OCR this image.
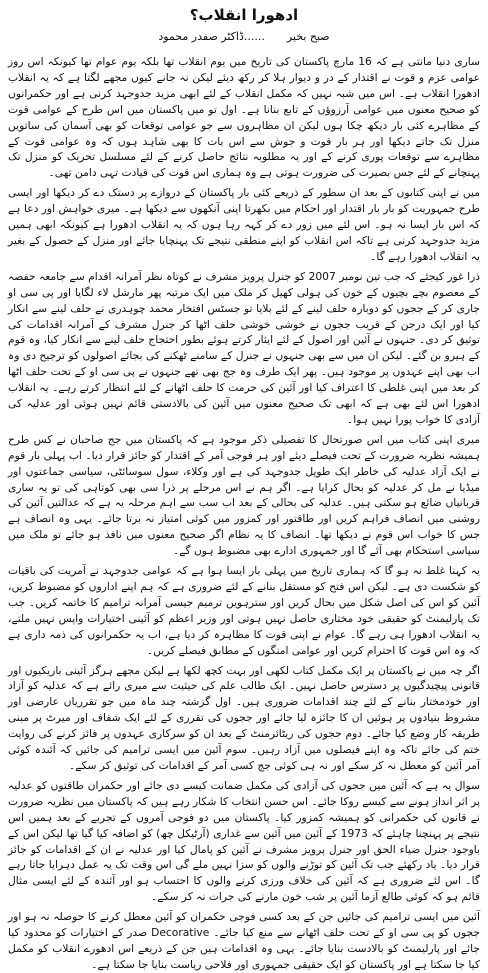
ادھورا انقلاب؟
صبح بخیر
......ڈاکٹر صفدر محمود

ساری دنیا مانتی ہے کہ 16 مارچ پاکستان کی تاریخ میں یوم انقلاب تھا بلکہ یوم عوام تھا کیونکہ اس روز عوامی عزم و قوت نے اقتدار کے در و دیوار ہلا کر رکھ دیئے لیکن نہ جانے کیوں مجھے لگتا ہے کہ یہ انقلاب ادھورا انقلاب ہے۔ اس میں شبہ نہیں کہ مکمل انقلاب کے لئے ابھی مزید جدوجہد کرنی ہے اور حکمرانوں کو صحیح معنوں میں عوامی آرزوؤں کے تابع بنانا ہے۔ اول تو میں پاکستان میں اس طرح کے عوامی قوت کے مظاہرے کئی بار دیکھ چکا ہوں لیکن ان مظاہروں سے جو عوامی توقعات کو بھی آسمان کی ساتویں منزل تک جاتے دیکھا اور ہر بار قوت و جوش سے اس بات کا بھی شاہد ہوں کہ وہ عوامی قوت کے مظاہرے سے توقعات پوری کرنے کے اور یہ مطلوبہ نتائج حاصل کرنے کے لئے مسلسل تحریک کو منزل تک پہنچانے کے لئے جس بصیرت کی ضرورت ہوتی ہے وہ ہماری اس قوت کی قیادت تہی دامن تھی۔

میں نے اپنی کتابوں کے بعد ان سطور کے ذریعے کئی بار پاکستان کے دروازے پر دستک دے کر دیکھا اور ایسی طرح جمہوریت کو بار بار اقتدار اور احکام میں بکھرتا اپنی آنکھوں سے دیکھا ہے۔ میری خواہش اور دعا ہے کہ اس بار ایسا نہ ہو۔ اس لئے میں زور دے کر کہہ رہا ہوں کہ یہ انقلاب ادھورا ہے کیونکہ ابھی ہمیں مزید جدوجہد کرنی ہے تاکہ اس انقلاب کو اپنے منطقی نتیجے تک پہنچایا جائے اور منزل کے حصول کے بغیر یہ انقلاب ادھورا رہے گا۔

ذرا غور کیجئے کہ جب تین نومبر 2007 کو جنرل پرویز مشرف نے کوتاہ نظر آمرانہ اقدام سے جامعہ حفصہ کے معصوم بچے بچیوں کے خون کی ہولی کھیل کر ملک میں ایک مرتبہ پھر مارشل لاء لگایا اور پی سی او جاری کر کے ججوں کو دوبارہ حلف لینے کے لئے بلایا تو جسٹس افتخار محمد چوہدری نے حلف لینے سے انکار کیا اور ایک درجن کے قریب ججوں نے خوشی خوشی حلف اٹھا کر جنرل مشرف کے آمرانہ اقدامات کی توثیق کر دی۔ جنہوں نے آئین اور اصول کے لئے ایثار کرتے ہوئے بطور احتجاج حلف لینے سے انکار کیا، وہ قوم کے ہیرو بن گئے۔ لیکن ان میں سے بھی جنہوں نے جنرل کے سامنے ٹھکنے کی بجائے اصولوں کو ترجیح دی وہ اب بھی اپنے عہدوں پر موجود ہیں۔ پھر ایک طرف وہ جج بھی تھے جنہوں نے پی سی او کے تحت حلف اٹھا کر بعد میں اپنی غلطی کا اعتراف کیا اور آئین کی حرمت کا حلف اٹھانے کے لئے انتظار کرتے رہے۔ یہ انقلاب ادھورا اس لئے بھی ہے کہ ابھی تک صحیح معنوں میں آئین کی بالادستی قائم نہیں ہوئی اور عدلیہ کی آزادی کا خواب پورا نہیں ہوا۔

میری اپنی کتاب میں اس صورتحال کا تفصیلی ذکر موجود ہے کہ پاکستان میں جج صاحبان نے کس طرح ہمیشہ نظریہ ضرورت کے تحت فیصلے دیئے اور ہر فوجی آمر کے اقتدار کو جائز قرار دیا۔ اب پہلی بار قوم نے ایک آزاد عدلیہ کی خاطر ایک طویل جدوجہد کی ہے اور وکلاء، سول سوسائٹی، سیاسی جماعتوں اور میڈیا نے مل کر عدلیہ کو بحال کرایا ہے۔ اگر ہم نے اس مرحلے پر ذرا سی بھی کوتاہی کی تو یہ ساری قربانیاں ضائع ہو سکتی ہیں۔ عدلیہ کی بحالی کے بعد اب سب سے اہم مرحلہ یہ ہے کہ عدالتیں آئین کی روشنی میں انصاف فراہم کریں اور طاقتور اور کمزور میں کوئی امتیاز نہ برتا جائے۔ یہی وہ انصاف ہے جس کا خواب اس قوم نے دیکھا تھا۔ انصاف کا یہ نظام اگر صحیح معنوں میں نافذ ہو جائے تو ملک میں سیاسی استحکام بھی آئے گا اور جمہوری ادارے بھی مضبوط ہوں گے۔

یہ کہنا غلط نہ ہو گا کہ ہماری تاریخ میں پہلی بار ایسا ہوا ہے کہ عوامی جدوجہد نے آمریت کی باقیات کو شکست دی ہے۔ لیکن اس فتح کو مستقل بنانے کے لئے ضروری ہے کہ ہم اپنے اداروں کو مضبوط کریں، آئین کو اس کی اصل شکل میں بحال کریں اور سترہویں ترمیم جیسی آمرانہ ترامیم کا خاتمہ کریں۔ جب تک پارلیمنٹ کو حقیقی خود مختاری حاصل نہیں ہوتی اور وزیر اعظم کو آئینی اختیارات واپس نہیں ملتے، یہ انقلاب ادھورا ہی رہے گا۔ عوام نے اپنی قوت کا مظاہرہ کر دیا ہے، اب یہ حکمرانوں کی ذمہ داری ہے کہ وہ اس قوت کا احترام کریں اور عوامی امنگوں کے مطابق فیصلے کریں۔

اگر چہ میں نے پاکستان پر ایک مکمل کتاب لکھی اور بہت کچھ لکھا ہے لیکن مجھے ہرگز آئینی باریکیوں اور قانونی پیچیدگیوں پر دسترس حاصل نہیں۔ ایک طالب علم کی حیثیت سے میری رائے ہے کہ عدلیہ کو آزاد اور خودمختار بنانے کے لئے چند اقدامات ضروری ہیں۔ اول گزشتہ چند ماہ میں جو تقرریاں عارضی اور مشروط بنیادوں پر ہوئیں ان کا جائزہ لیا جائے اور ججوں کی تقرری کے لئے ایک شفاف اور میرٹ پر مبنی طریقہ کار وضع کیا جائے۔ دوم ججوں کی ریٹائرمنٹ کے بعد ان کو سرکاری عہدوں پر فائز کرنے کی روایت ختم کی جائے تاکہ وہ اپنے فیصلوں میں آزاد رہیں۔ سوم آئین میں ایسی ترامیم کی جائیں کہ آئندہ کوئی آمر آئین کو معطل نہ کر سکے اور نہ ہی کوئی جج کسی آمر کے اقدامات کی توثیق کر سکے۔

سوال یہ ہے کہ آئین میں ججوں کی آزادی کی مکمل ضمانت کیسے دی جائے اور حکمران طاقتوں کو عدلیہ پر اثر انداز ہونے سے کیسے روکا جائے۔ اس حسن انتخاب کا شکار رہے ہیں کہ پاکستان میں نظریہ ضرورت نے قانون کی حکمرانی کو ہمیشہ کمزور کیا۔ پاکستان میں دو فوجی آمروں کے تجربے کے بعد ہمیں اس نتیجے پر پہنچنا چاہئے کہ 1973 کے آئین میں آئین سے غداری (آرٹیکل چھ) کو اضافہ کیا گیا تھا لیکن اس کے باوجود جنرل ضیاء الحق اور جنرل پرویز مشرف نے آئین کو پامال کیا اور عدلیہ نے ان کے اقدامات کو جائز قرار دیا۔ یاد رکھئے جب تک آئین کو توڑنے والوں کو سزا نہیں ملے گی اس وقت تک یہ عمل دہرایا جاتا رہے گا۔ اس لئے ضروری ہے کہ آئین کی خلاف ورزی کرنے والوں کا احتساب ہو اور آئندہ کے لئے ایسی مثال قائم ہو کہ کوئی طالع آزما آئین پر شب خون مارنے کی جرات نہ کر سکے۔

آئین میں ایسی ترامیم کی جائیں جن کے بعد کسی فوجی حکمران کو آئین معطل کرنے کا حوصلہ نہ ہو اور ججوں کو پی سی او کے تحت حلف اٹھانے سے منع کیا جائے۔ Decorative صدر کے اختیارات کو محدود کیا جائے اور پارلیمنٹ کو بالادست بنایا جائے۔ یہی وہ اقدامات ہیں جن کے ذریعے اس ادھورے انقلاب کو مکمل کیا جا سکتا ہے اور پاکستان کو ایک حقیقی جمہوری اور فلاحی ریاست بنایا جا سکتا ہے۔
